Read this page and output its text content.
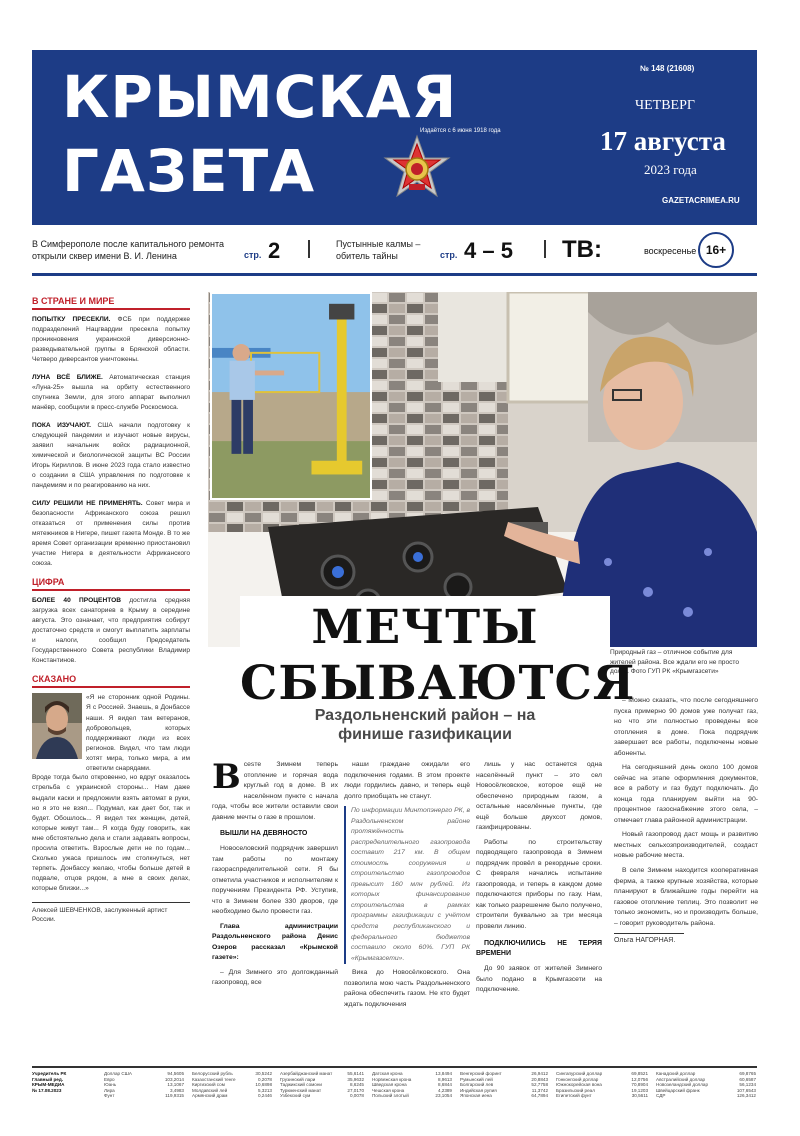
КРЫМСКАЯ
ГАЗЕТА
Издаётся с 6 июня 1918 года
№ 148 (21608)
ЧЕТВЕРГ
17 августа
2023 года
GAZETACRIMEA.RU
В Симферополе после капитального ремонта открыли сквер имени В. И. Ленина	стр. 2	Пустынные калмы – обитель тайны	стр. 4 – 5 ТВ:	воскресенье 16+
В СТРАНЕ И МИРЕ
ПОПЫТКУ ПРЕСЕКЛИ. ФСБ при поддержке подразделений Нацгвардии пресекла попытку проникновения украинской диверсионно-разведывательной группы в Брянской области. Четверо диверсантов уничтожены.
ЛУНА ВСЁ БЛИЖЕ. Автоматическая станция «Луна-25» вышла на орбиту естественного спутника Земли, для этого аппарат выполнил манёвр, сообщили в пресс-службе Роскосмоса.
ПОКА ИЗУЧАЮТ. США начали подготовку к следующей пандемии и изучают новые вирусы, заявил начальник войск радиационной, химической и биологической защиты ВС России Игорь Кириллов. В июне 2023 года стало известно о создании в США управления по подготовке к пандемиям и по реагированию на них.
СИЛУ РЕШИЛИ НЕ ПРИМЕНЯТЬ. Совет мира и безопасности Африканского союза решил отказаться от применения силы против мятежников в Нигере, пишет газета Монде. В то же время Совет организации временно приостановил участие Нигера в деятельности Африканского союза.
ЦИФРА
БОЛЕЕ 40 ПРОЦЕНТОВ достигла средняя загрузка всех санаториев в Крыму в середине августа. Это означает, что предприятия собирут достаточно средств и смогут выплатить зарплаты и налоги, сообщил Председатель Государственного Совета республики Владимир Константинов.
СКАЗАНО
«Я не сторонник одной Родины. Я с Россией. Знаешь, в Донбассе наши. Я видел там ветеранов, добровольцев, которых поддерживают люди из всех регионов. Видел, что там люди хотят мира, только мира, а им ответили снарядами.
Вроде тогда было откровенно, но вдруг оказалось стрельба с украинской стороны... Нам даже выдали каски и предложили взять автомат в руки, но я это не взял... Подумал, как дает бог, так и будет. Обошлось... Я видел тех женщин, детей, которые живут там... Я когда буду говорить, как мне обстоятельно дела и стали задавать вопросы, просила ответить. Взрослые дети не по годам... Сколько ужаса пришлось им столкнуться, нет терпеть. Донбассу желаю, чтобы больше детей в подвале, отцов рядом, а мне в своих делах, которые близки...»
Алексей ШЕВЧЕНКОВ, заслуженный артист России.
Природный газ – отличное событие для жителей района. Все ждали его не просто долго. Фото ГУП РК «Крымгазсети»
МЕЧТЫ
СБЫВАЮТСЯ
Раздольненский район – на финише газификации

Всеsте Зимнем теперь отопление и горячая вода круглый год в доме. В их населённом пункте с начала года, чтобы все жители оставили свои давние мечты о газе в прошлом.

ВЫШЛИ НА ДЕВЯНОСТО

Новоселовский подрядчик завершил там работы по монтажу газораспределительной сети. Я бы отметила участников и исполнителям к поручениям Президента РФ. Уступив, что в Зимнем более 330 дворов, где необходимо было провести газ.

Глава администрации Раздольненского района Денис Озеров рассказал «Крымской газете»:

– Для Зимнего это долгожданный газопровод, все

наши граждане ожидали его подключения годами. В этом проекте люди гордились давно, и теперь ещё долго приобщать не станут.

По информации Минтопэнерго РК, в Раздольненском районе протяжённость распределительного газопровода составит 217 км. В общем стоимость сооружения и строительство газопроводов превысит 160 млн рублей. Из которых финансирование строительства в рамках программы газификации с учётом средств республиканского и федерального бюджетов составило около 60%. ГУП РК «Крымгазсети».

Вика до Новосёлковского. Она позволила мою часть Раздольненского района обеспечить газом. Не кто будет ждать подключения

лишь у нас останется одна населённый пункт – это сел Новосёлковское, которое ещё не обеспечено природным газом, а остальные населённые пункты, где ещё больше двухсот домов, газифицированы.

Работы по строительству подводящего газопровода в Зимнем подрядчик провёл в рекордные сроки. С февраля начались испытание газопровода, и теперь в каждом доме подключаются приборы по газу. Нам, как только разрешение было получено, строители буквально за три месяца провели линию.

ПОДКЛЮЧИЛИСЬ НЕ ТЕРЯЯ ВРЕМЕНИ

До 90 заявок от жителей Зимнего было подано в Крымгазсети на подключение.

– Можно сказать, что после сегодняшнего пуска примерно 90 домов уже получат газ, но что эти полностью проведены все отопления в доме. Пока подрядчик завершает все работы, подключены новые абоненты.

На сегодняшний день около 100 домов сейчас на этапе оформления документов, все в работу и газ будут подключать. До конца года планируем выйти на 90-процентное газоснабжение этого села, – отмечает глава районной администрации.

Новый газопровод даст мощь и развитию местных сельхозпроизводителей, создаст новые рабочие места.

В селе Зимнем находится кооперативная ферма, а также крупные хозяйства, которые планируют в ближайшие годы перейти на газовое отопление теплиц. Это позволит не только экономить, но и производить больше, – говорит руководитель района.

Ольга НАГОРНАЯ.
Учредитель РК
Главный ред.
КРЫМ-МЕДИА
№ 17.08.2023
Доллар США	94,5605
Евро	103,2014
Юань	13,1067
Лира	3,4983
Фунт	119,9315
Белорусский рубль	30,5242
Казахстанский тенге	0,2078
Киргизский сом	10,6898
Молдавский лей	5,3213
Армянский драм	0,2446
Азербайджанский манат	55,6141
Грузинский лари	35,9632
Таджикский сомони	8,6245
Туркменский манат	27,0170
Узбекский сум	0,0078
Датская крона	13,8494
Норвежская крона	8,9613
Шведская крона	8,6844
Чешская крона	4,2389
Польский злотый	23,1054
Венгерский форинт	26,9412
Румынский лей	20,8843
Болгарский лев	52,7758
Индийская рупия	11,3742
Японская иена	64,7894
Сингапурский доллар	69,8521
Гонконгский доллар	12,0756
Южнокорейская вона	70,8904
Бразильский реал	19,1203
Египетский фунт	30,5611
Канадский доллар	69,8765
Австралийский доллар	60,6587
Новозеландский доллар	56,1234
Швейцарский франк	107,6543
СДР	126,3412
